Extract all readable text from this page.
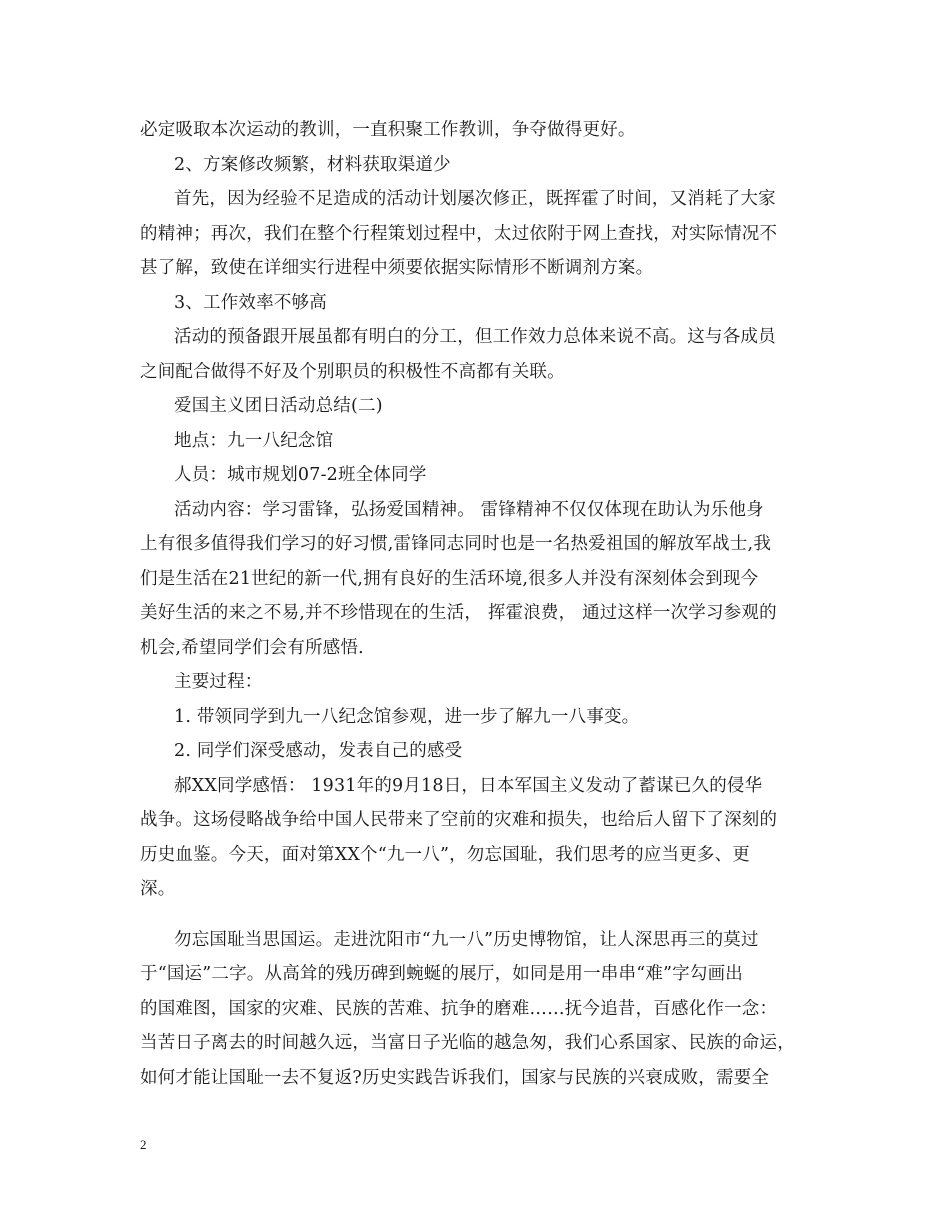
必定吸取本次运动的教训，一直积聚工作教训，争夺做得更好。

2、方案修改频繁，材料获取渠道少

首先，因为经验不足造成的活动计划屡次修正，既挥霍了时间，又消耗了大家

的精神；再次，我们在整个行程策划过程中，太过依附于网上查找，对实际情况不

甚了解，致使在详细实行进程中须要依据实际情形不断调剂方案。

3、工作效率不够高

活动的预备跟开展虽都有明白的分工，但工作效力总体来说不高。这与各成员

之间配合做得不好及个别职员的积极性不高都有关联。

爱国主义团日活动总结(二)

地点：九一八纪念馆

人员：城市规划07-2班全体同学

活动内容：学习雷锋，弘扬爱国精神。 雷锋精神不仅仅体现在助认为乐他身

上有很多值得我们学习的好习惯,雷锋同志同时也是一名热爱祖国的解放军战士,我

们是生活在21世纪的新一代,拥有良好的生活环境,很多人并没有深刻体会到现今

美好生活的来之不易,并不珍惜现在的生活， 挥霍浪费， 通过这样一次学习参观的

机会,希望同学们会有所感悟.

主要过程：

1. 带领同学到九一八纪念馆参观，进一步了解九一八事变。

2. 同学们深受感动，发表自己的感受

郝XX同学感悟： 1931年的9月18日，日本军国主义发动了蓄谋已久的侵华

战争。这场侵略战争给中国人民带来了空前的灾难和损失，也给后人留下了深刻的

历史血鉴。今天，面对第XX个“九一八”，勿忘国耻，我们思考的应当更多、更

深。

勿忘国耻当思国运。走进沈阳市“九一八”历史博物馆，让人深思再三的莫过

于“国运”二字。从高耸的残历碑到蜿蜒的展厅，如同是用一串串“难”字勾画出

的国难图，国家的灾难、民族的苦难、抗争的磨难……抚今追昔，百感化作一念：

当苦日子离去的时间越久远，当富日子光临的越急匆，我们心系国家、民族的命运，

如何才能让国耻一去不复返?历史实践告诉我们，国家与民族的兴衰成败，需要全

2
